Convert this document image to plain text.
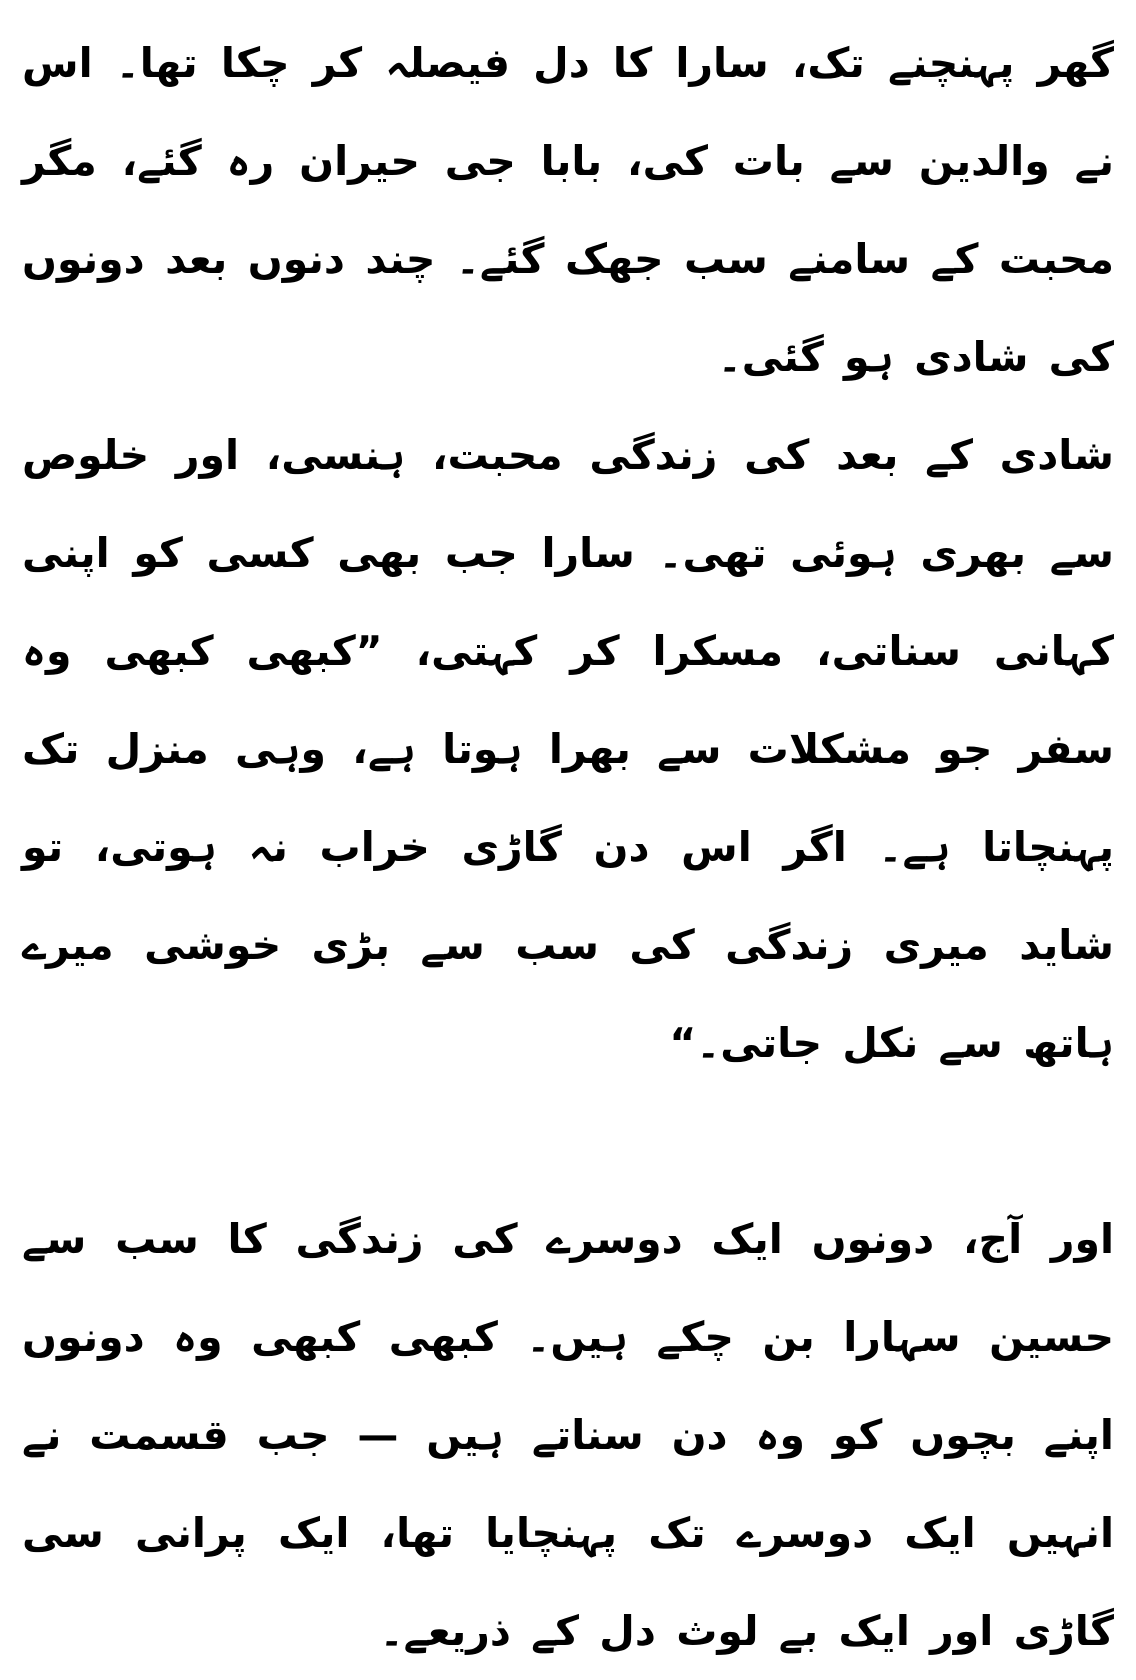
گھر پہنچنے تک، سارا کا دل فیصلہ کر چکا تھا۔ اس نے والدین سے بات کی، بابا جی حیران رہ گئے، مگر محبت کے سامنے سب جھک گئے۔ چند دنوں بعد دونوں کی شادی ہو گئی۔

شادی کے بعد کی زندگی محبت، ہنسی، اور خلوص سے بھری ہوئی تھی۔ سارا جب بھی کسی کو اپنی کہانی سناتی، مسکرا کر کہتی، ”کبھی کبھی وہ سفر جو مشکلات سے بھرا ہوتا ہے، وہی منزل تک پہنچاتا ہے۔ اگر اس دن گاڑی خراب نہ ہوتی، تو شاید میری زندگی کی سب سے بڑی خوشی میرے ہاتھ سے نکل جاتی۔“

اور آج، دونوں ایک دوسرے کی زندگی کا سب سے حسین سہارا بن چکے ہیں۔ کبھی کبھی وہ دونوں اپنے بچوں کو وہ دن سناتے ہیں — جب قسمت نے انہیں ایک دوسرے تک پہنچایا تھا، ایک پرانی سی گاڑی اور ایک بے لوث دل کے ذریعے۔
